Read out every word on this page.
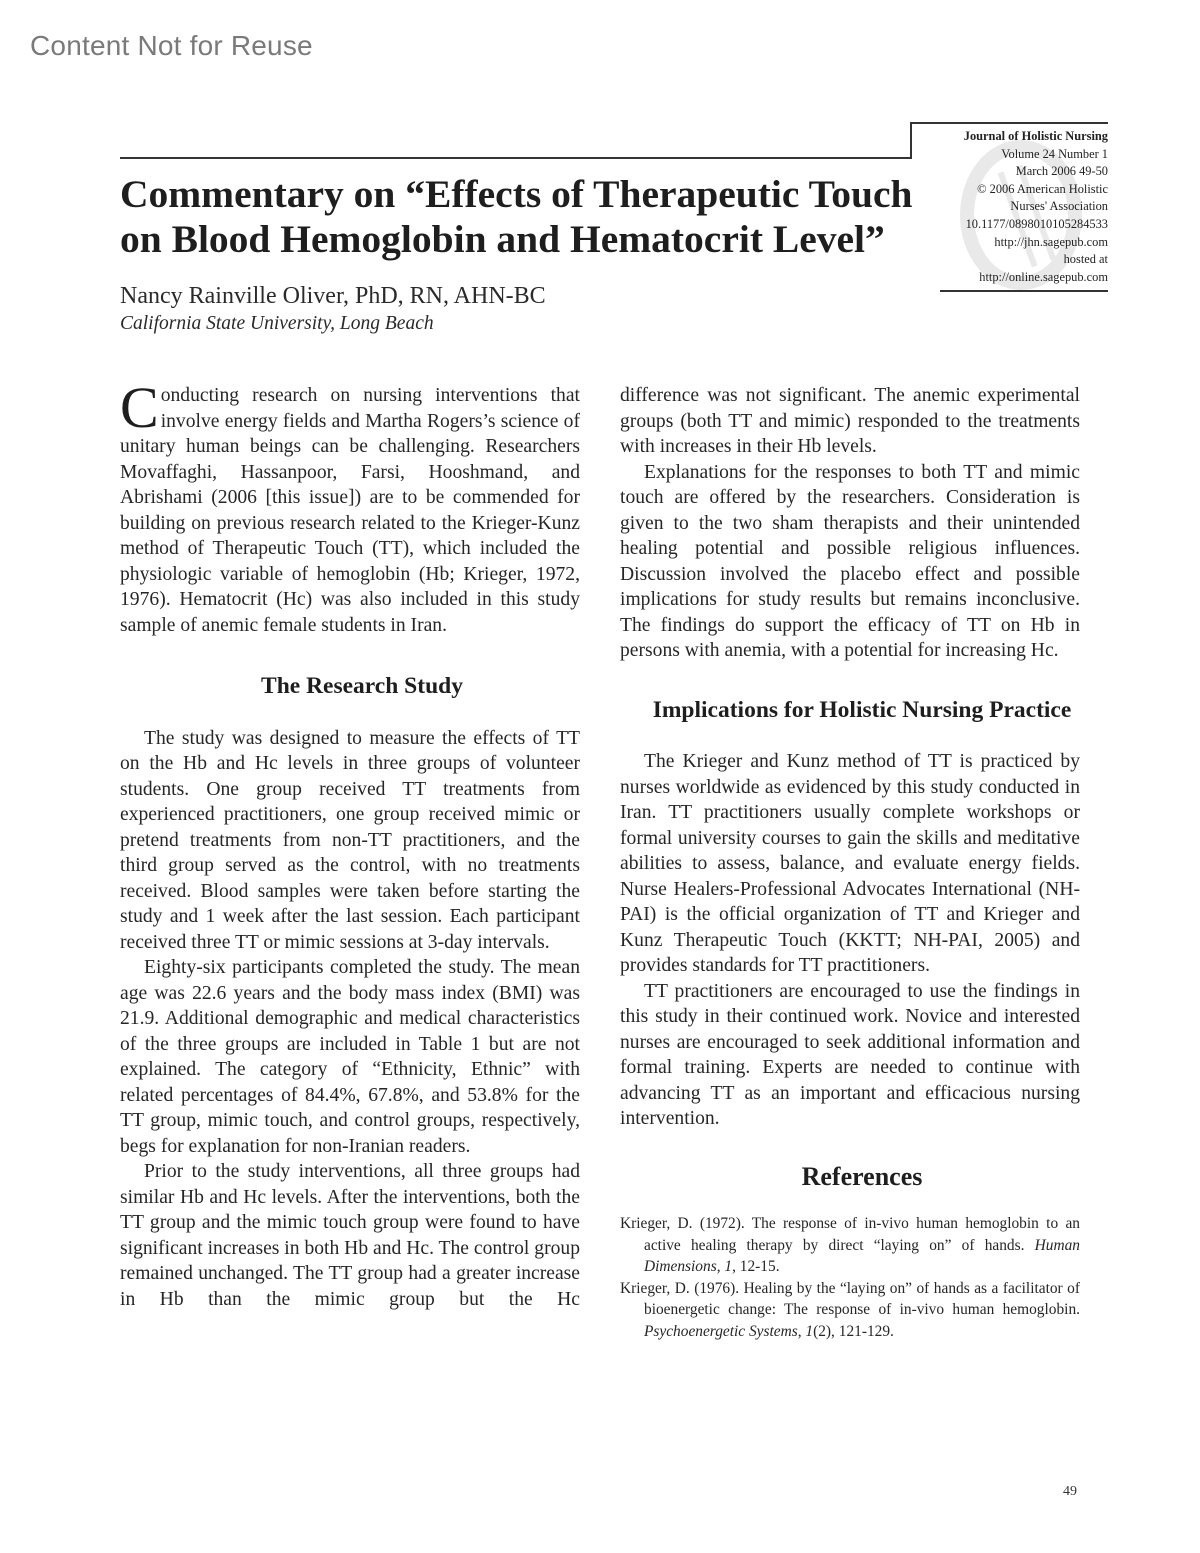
Content Not for Reuse
Journal of Holistic Nursing
Volume 24 Number 1
March 2006 49-50
© 2006 American Holistic
Nurses' Association
10.1177/0898010105284533
http://jhn.sagepub.com
hosted at
http://online.sagepub.com
Commentary on “Effects of Therapeutic Touch
on Blood Hemoglobin and Hematocrit Level”
Nancy Rainville Oliver, PhD, RN, AHN-BC
California State University, Long Beach

Conducting research on nursing interventions that involve energy fields and Martha Rogers’s science of unitary human beings can be challenging. Researchers Movaffaghi, Hassanpoor, Farsi, Hooshmand, and Abrishami (2006 [this issue]) are to be commended for building on previous research related to the Krieger-Kunz method of Therapeutic Touch (TT), which included the physiologic variable of hemoglobin (Hb; Krieger, 1972, 1976). Hematocrit (Hc) was also included in this study sample of anemic female students in Iran.

The Research Study

The study was designed to measure the effects of TT on the Hb and Hc levels in three groups of volunteer students. One group received TT treatments from experienced practitioners, one group received mimic or pretend treatments from non-TT practitioners, and the third group served as the control, with no treatments received. Blood samples were taken before starting the study and 1 week after the last session. Each participant received three TT or mimic sessions at 3-day intervals.

Eighty-six participants completed the study. The mean age was 22.6 years and the body mass index (BMI) was 21.9. Additional demographic and medical characteristics of the three groups are included in Table 1 but are not explained. The category of “Ethnicity, Ethnic” with related percentages of 84.4%, 67.8%, and 53.8% for the TT group, mimic touch, and control groups, respectively, begs for explanation for non-Iranian readers.

Prior to the study interventions, all three groups had similar Hb and Hc levels. After the interventions, both the TT group and the mimic touch group were found to have significant increases in both Hb and Hc. The control group remained unchanged. The TT group had a greater increase in Hb than the mimic group but the Hc

difference was not significant. The anemic experimental groups (both TT and mimic) responded to the treatments with increases in their Hb levels.

Explanations for the responses to both TT and mimic touch are offered by the researchers. Consideration is given to the two sham therapists and their unintended healing potential and possible religious influences. Discussion involved the placebo effect and possible implications for study results but remains inconclusive. The findings do support the efficacy of TT on Hb in persons with anemia, with a potential for increasing Hc.

Implications for Holistic Nursing Practice

The Krieger and Kunz method of TT is practiced by nurses worldwide as evidenced by this study conducted in Iran. TT practitioners usually complete workshops or formal university courses to gain the skills and meditative abilities to assess, balance, and evaluate energy fields. Nurse Healers-Professional Advocates International (NH-PAI) is the official organization of TT and Krieger and Kunz Therapeutic Touch (KKTT; NH-PAI, 2005) and provides standards for TT practitioners.

TT practitioners are encouraged to use the findings in this study in their continued work. Novice and interested nurses are encouraged to seek additional information and formal training. Experts are needed to continue with advancing TT as an important and efficacious nursing intervention.

References

Krieger, D. (1972). The response of in-vivo human hemoglobin to an active healing therapy by direct “laying on” of hands. Human Dimensions, 1, 12-15.

Krieger, D. (1976). Healing by the “laying on” of hands as a facilitator of bioenergetic change: The response of in-vivo human hemoglobin. Psychoenergetic Systems, 1(2), 121-129.

49
